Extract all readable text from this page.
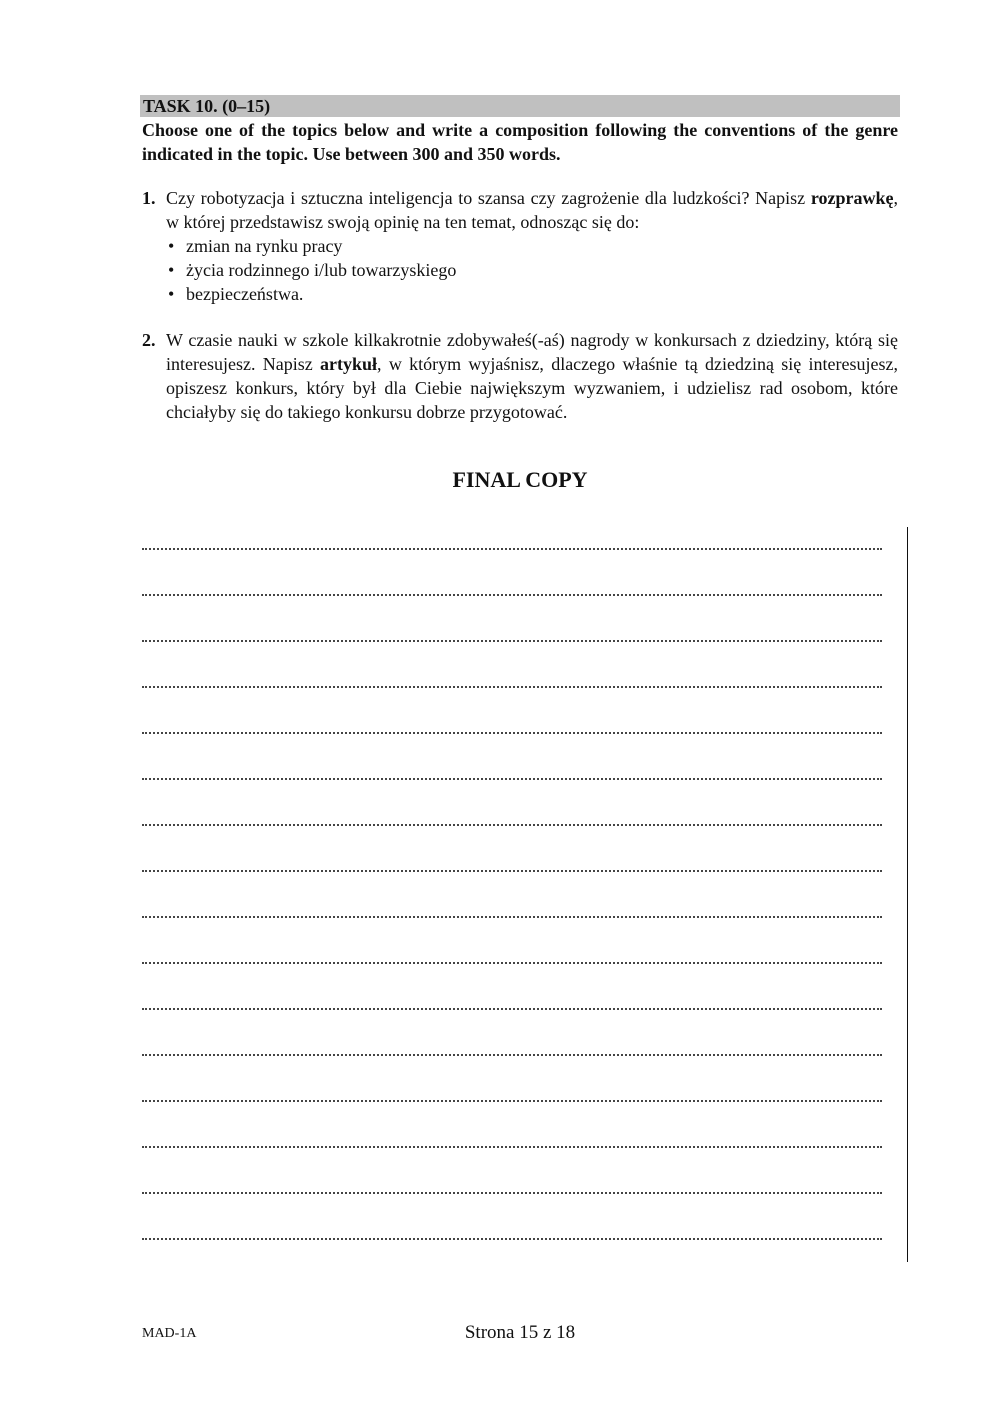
TASK 10. (0–15)

Choose one of the topics below and write a composition following the conventions of the genre indicated in the topic. Use between 300 and 350 words.

1. Czy robotyzacja i sztuczna inteligencja to szansa czy zagrożenie dla ludzkości? Napisz rozprawkę, w której przedstawisz swoją opinię na ten temat, odnosząc się do:
• zmian na rynku pracy
• życia rodzinnego i/lub towarzyskiego
• bezpieczeństwa.
2. W czasie nauki w szkole kilkakrotnie zdobywałeś(-aś) nagrody w konkursach z dziedziny, którą się interesujesz. Napisz artykuł, w którym wyjaśnisz, dlaczego właśnie tą dziedziną się interesujesz, opiszesz konkurs, który był dla Ciebie największym wyzwaniem, i udzielisz rad osobom, które chciałyby się do takiego konkursu dobrze przygotować.
FINAL COPY
MAD-1A	Strona 15 z 18
